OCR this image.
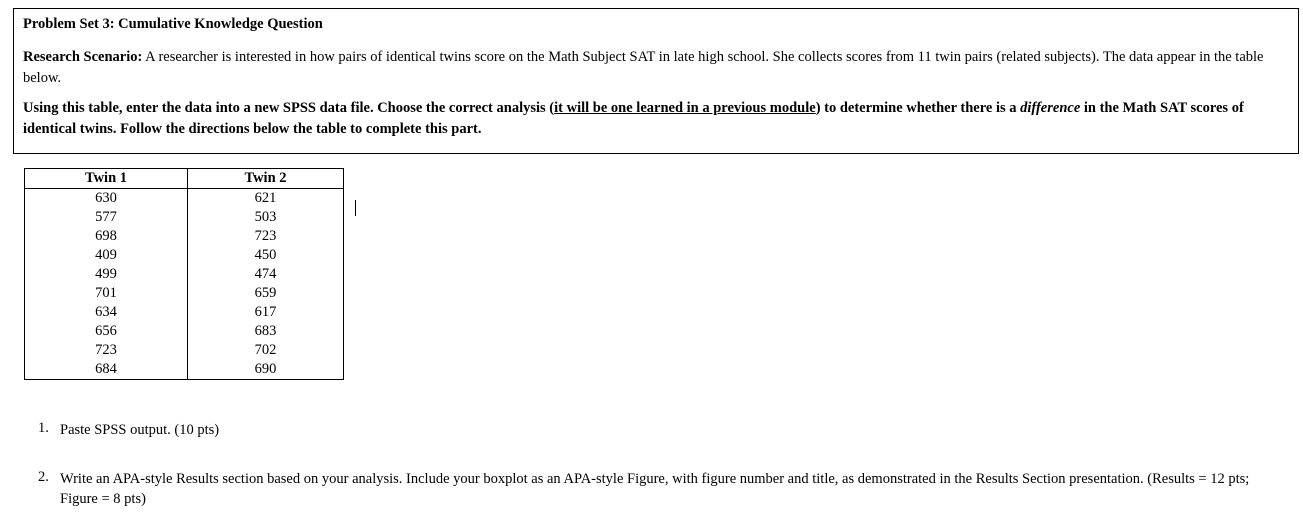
Problem Set 3: Cumulative Knowledge Question
Research Scenario: A researcher is interested in how pairs of identical twins score on the Math Subject SAT in late high school. She collects scores from 11 twin pairs (related subjects). The data appear in the table below.
Using this table, enter the data into a new SPSS data file. Choose the correct analysis (it will be one learned in a previous module) to determine whether there is a difference in the Math SAT scores of identical twins. Follow the directions below the table to complete this part.
Twin 1	Twin 2
630	621
577	503
698	723
409	450
499	474
701	659
634	617
656	683
723	702
684	690
1. Paste SPSS output. (10 pts)
2. Write an APA-style Results section based on your analysis. Include your boxplot as an APA-style Figure, with figure number and title, as demonstrated in the Results Section presentation. (Results = 12 pts; Figure = 8 pts)
